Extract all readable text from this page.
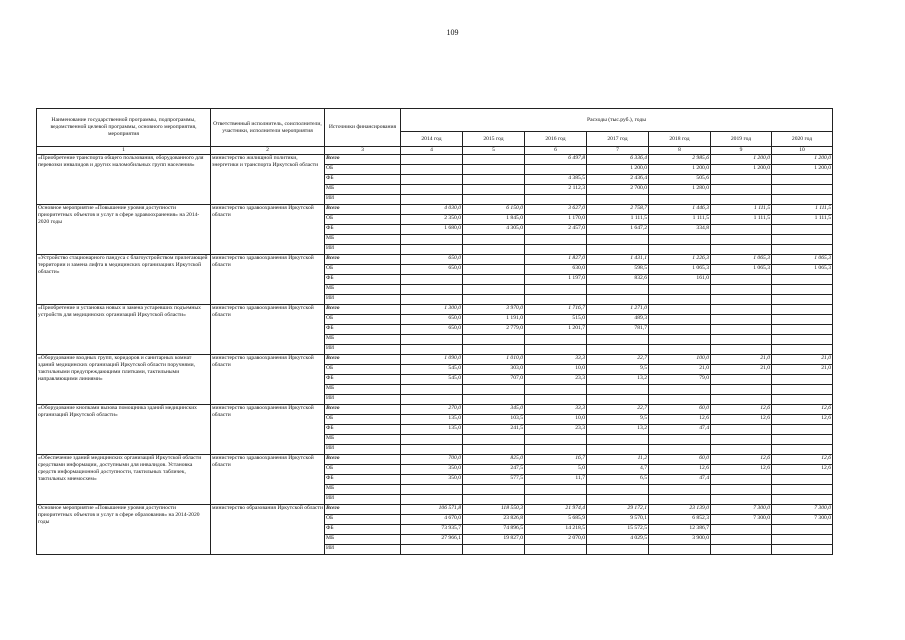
109
Наименование государственной программы, подпрограммы, ведомственной целевой программы, основного мероприятия, мероприятия	Ответственный исполнитель, соисполнители, участники, исполнители мероприятия	Источники финансирования	Расходы (тыс.руб.), годы						
			2014 год	2015 год	2016 год	2017 год	2018 год	2019 год	2020 год
1	2	3	4	5	6	7	8	9	10
«Приобретение транспорта общего пользования, оборудованного для перевозки инвалидов и других маломобильных групп населения»	министерство жилищной политики, энергетики и транспорта Иркутской области	Всего			6 497,8	6 336,4	2 985,6	1 200,0	1 200,0
		ОБ				1 200,0	1 200,0	1 200,0	1 200,0
		ФБ			4 385,5	2 436,4	505,6		
		МБ			2 112,3	2 700,0	1 280,0		
		ИИ							
Основное мероприятие «Повышение уровня доступности приоритетных объектов и услуг в сфере здравоохранения» на 2014-2020 годы	министерство здравоохранения Иркутской области	Всего	4 030,0	6 150,0	3 627,0	2 758,7	1 446,3	1 111,5	1 111,5
		ОБ	2 350,0	1 845,0	1 170,0	1 111,5	1 111,5	1 111,5	1 111,5
		ФБ	1 680,0	4 305,0	2 457,0	1 647,2	334,8		
		МБ							
		ИИ							
«Устройство стационарного пандуса с благоустройством прилегающей территории и замена лифта в медицинских организациях Иркутской области»	министерство здравоохранения Иркутской области	Всего	650,0		1 827,0	1 431,1	1 226,3	1 065,3	1 065,3
		ОБ	650,0		630,0	598,5	1 065,3	1 065,3	1 065,3
		ФБ			1 197,0	832,6	161,0		
		МБ							
		ИИ							
«Приобретение и установка новых и замена устаревших подъемных устройств для медицинских организаций Иркутской области»	министерство здравоохранения Иркутской области	Всего	1 300,0	3 970,0	1 716,7	1 271,0			
		ОБ	650,0	1 191,0	515,0	489,3			
		ФБ	650,0	2 779,0	1 201,7	781,7			
		МБ							
		ИИ							
«Оборудование входных групп, коридоров и санитарных комнат зданий медицинских организаций Иркутской области поручнями, тактильными предупреждающими плитками, тактильными направляющими линиями»	министерство здравоохранения Иркутской области	Всего	1 090,0	1 010,0	33,3	22,7	100,0	21,0	21,0
		ОБ	545,0	303,0	10,0	9,5	21,0	21,0	21,0
		ФБ	545,0	707,0	23,3	13,2	79,0		
		МБ							
		ИИ							
«Оборудование кнопками вызова помощника зданий медицинских организаций Иркутской области»	министерство здравоохранения Иркутской области	Всего	270,0	345,0	33,3	22,7	60,0	12,6	12,6
		ОБ	135,0	103,5	10,0	9,5	12,6	12,6	12,6
		ФБ	135,0	241,5	23,3	13,2	47,4		
		МБ							
		ИИ							
«Обеспечение зданий медицинских организаций Иркутской области средствами информации, доступными для инвалидов. Установка средств информационной доступности, тактильных табличек, тактильных мнемосхем»	министерство здравоохранения Иркутской области	Всего	700,0	825,0	16,7	11,2	60,0	12,6	12,6
		ОБ	350,0	247,5	5,0	4,7	12,6	12,6	12,6
		ФБ	350,0	577,5	11,7	6,5	47,4		
		МБ							
		ИИ							
Основное мероприятие «Повышение уровня доступности приоритетных объектов и услуг в сфере образования» на 2014-2020 годы	министерство образования Иркутской области	Всего	106 571,8	118 550,3	21 974,4	29 172,1	23 139,0	7 300,0	7 300,0
		ОБ	4 670,0	23 826,8	5 685,9	9 570,1	6 852,3	7 300,0	7 300,0
		ФБ	73 935,7	74 896,5	14 218,5	15 572,5	12 386,7		
		МБ	27 966,1	19 827,0	2 070,0	4 029,5	3 900,0		
		ИИ							
